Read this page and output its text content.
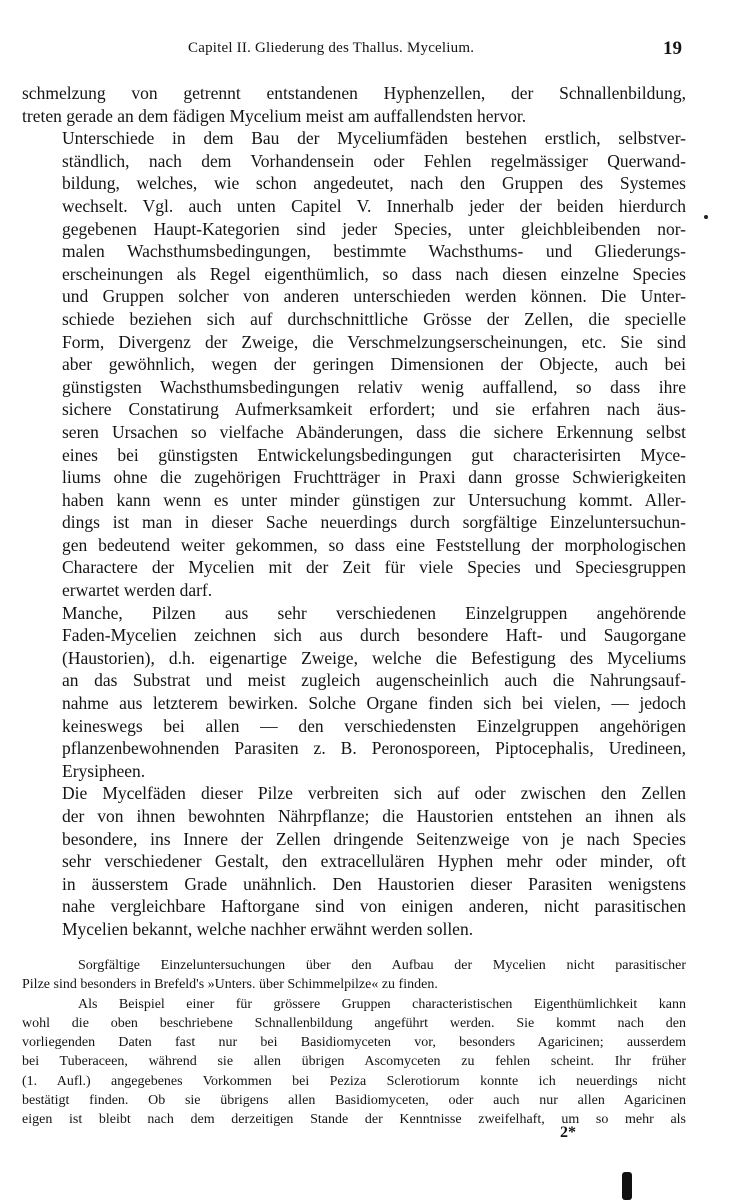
Capitel II. Gliederung des Thallus. Mycelium.	19

schmelzung von getrennt entstandenen Hyphenzellen, der Schnallenbildung,
treten gerade an dem fädigen Mycelium meist am auffallendsten hervor.

Unterschiede in dem Bau der Myceliumfäden bestehen erstlich, selbstver-
ständlich, nach dem Vorhandensein oder Fehlen regelmässiger Querwand-
bildung, welches, wie schon angedeutet, nach den Gruppen des Systemes
wechselt. Vgl. auch unten Capitel V. Innerhalb jeder der beiden hierdurch
gegebenen Haupt-Kategorien sind jeder Species, unter gleichbleibenden nor-
malen Wachsthumsbedingungen, bestimmte Wachsthums- und Gliederungs-
erscheinungen als Regel eigenthümlich, so dass nach diesen einzelne Species
und Gruppen solcher von anderen unterschieden werden können. Die Unter-
schiede beziehen sich auf durchschnittliche Grösse der Zellen, die specielle
Form, Divergenz der Zweige, die Verschmelzungserscheinungen, etc. Sie sind
aber gewöhnlich, wegen der geringen Dimensionen der Objecte, auch bei
günstigsten Wachsthumsbedingungen relativ wenig auffallend, so dass ihre
sichere Constatirung Aufmerksamkeit erfordert; und sie erfahren nach äus-
seren Ursachen so vielfache Abänderungen, dass die sichere Erkennung selbst
eines bei günstigsten Entwickelungsbedingungen gut characterisirten Myce-
liums ohne die zugehörigen Fruchtträger in Praxi dann grosse Schwierigkeiten
haben kann wenn es unter minder günstigen zur Untersuchung kommt. Aller-
dings ist man in dieser Sache neuerdings durch sorgfältige Einzeluntersuchun-
gen bedeutend weiter gekommen, so dass eine Feststellung der morphologischen
Charactere der Mycelien mit der Zeit für viele Species und Speciesgruppen
erwartet werden darf.

Manche, Pilzen aus sehr verschiedenen Einzelgruppen angehörende
Faden-Mycelien zeichnen sich aus durch besondere Haft- und Saugorgane
(Haustorien), d.h. eigenartige Zweige, welche die Befestigung des Myceliums
an das Substrat und meist zugleich augenscheinlich auch die Nahrungsauf-
nahme aus letzterem bewirken. Solche Organe finden sich bei vielen, — jedoch
keineswegs bei allen — den verschiedensten Einzelgruppen angehörigen
pflanzenbewohnenden Parasiten z. B. Peronosporeen, Piptocephalis, Uredineen,
Erysipheen.

Die Mycelfäden dieser Pilze verbreiten sich auf oder zwischen den Zellen
der von ihnen bewohnten Nährpflanze; die Haustorien entstehen an ihnen als
besondere, ins Innere der Zellen dringende Seitenzweige von je nach Species
sehr verschiedener Gestalt, den extracellulären Hyphen mehr oder minder, oft
in äusserstem Grade unähnlich. Den Haustorien dieser Parasiten wenigstens
nahe vergleichbare Haftorgane sind von einigen anderen, nicht parasitischen
Mycelien bekannt, welche nachher erwähnt werden sollen.

Sorgfältige Einzeluntersuchungen über den Aufbau der Mycelien nicht parasitischer
Pilze sind besonders in Brefeld's »Unters. über Schimmelpilze« zu finden.

Als Beispiel einer für grössere Gruppen characteristischen Eigenthümlichkeit kann
wohl die oben beschriebene Schnallenbildung angeführt werden. Sie kommt nach den
vorliegenden Daten fast nur bei Basidiomyceten vor, besonders Agaricinen; ausserdem
bei Tuberaceen, während sie allen übrigen Ascomyceten zu fehlen scheint. Ihr früher
(1. Aufl.) angegebenes Vorkommen bei Peziza Sclerotiorum konnte ich neuerdings nicht
bestätigt finden. Ob sie übrigens allen Basidiomyceten, oder auch nur allen Agaricinen
eigen ist bleibt nach dem derzeitigen Stande der Kenntnisse zweifelhaft, um so mehr als

2*
